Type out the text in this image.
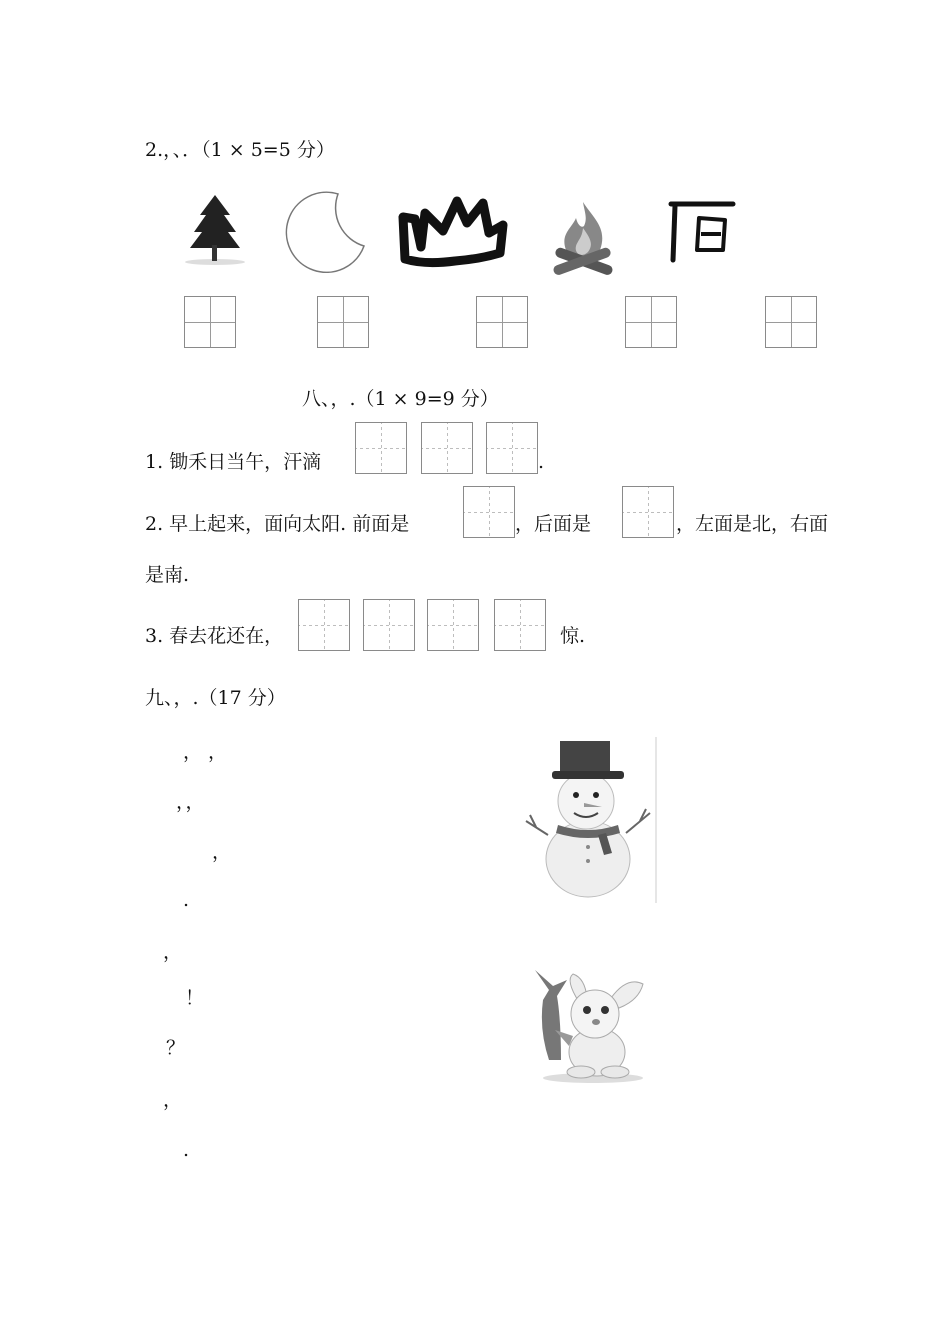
2.，、．（1 × 5=5 分）
八、，.（1 × 9=9 分）
1. 锄禾日当午，汗滴	.
2. 早上起来，面向太阳. 前面是	，后面是	，左面是北，右面
是南.
3. 春去花还在，	惊.
九、，.（17 分）
， ，
，，
，
.
，
！
？
，
.
